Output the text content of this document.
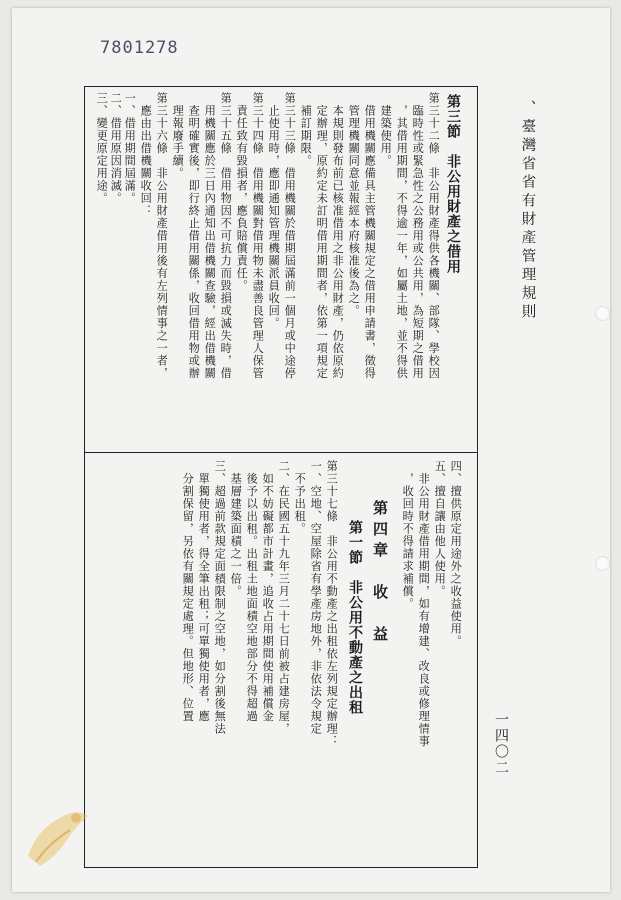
7801278
、臺灣省省有財產管理規則
一四〇二
第三節　非公用財產之借用
第三十二條　非公用財產得供各機關、部隊、學校因
　臨時性或緊急性之公務用或公共用，為短期之借用
　，其借用期間，不得逾一年，如屬土地，並不得供
　建築使用。
　借用機關應備具主管機關規定之借用申請書，徵得
　管理機關同意並報經本府核准後為之。
　本規則發布前已核准借用之非公用財產，仍依原約
　定辦理，原約定未訂明借用期間者，依第一項規定
　補訂期限。
第三十三條　借用機關於借期屆滿前一個月或中途停
　止使用時，應即通知管理機關派員收回。
第三十四條　借用機關對借用物未盡善良管理人保管
　責任致有毀損者，應負賠償責任。
第三十五條　借用物因不可抗力而毀損或滅失時，借
　用機關應於三日內通知出借機關查驗，經出借機關
　查明確實後，即行終止借用關係，收回借用物或辦
　理報廢手續。
第三十六條　非公用財產借用後有左列情事之一者，
　應由出借機關收回：
一、借用期間屆滿。
二、借用原因消滅。
三、變更原定用途。
四、擅供原定用途外之收益使用。
五、擅自讓由他人使用。
　非公用財產借用期間，如有增建、改良或修理情事
　，收回時不得請求補償。
第四章　收　益
第一節　非公用不動產之出租
第三十七條　非公用不動產之出租依左列規定辦理：
一、空地、空屋除省有學產房地外，非依法令規定
　不予出租。
二、在民國五十九年三月二十七日前被占建房屋，
　如不妨礙都市計畫，追收占用期間使用補償金
　後予以出租。出租土地面積空地部分不得超過
　基層建築面積之一倍。
三、超過前款規定面積限制之空地，如分割後無法
　單獨使用者，得全筆出租；可單獨使用者，應
　分割保留，另依有關規定處理。但地形、位置
